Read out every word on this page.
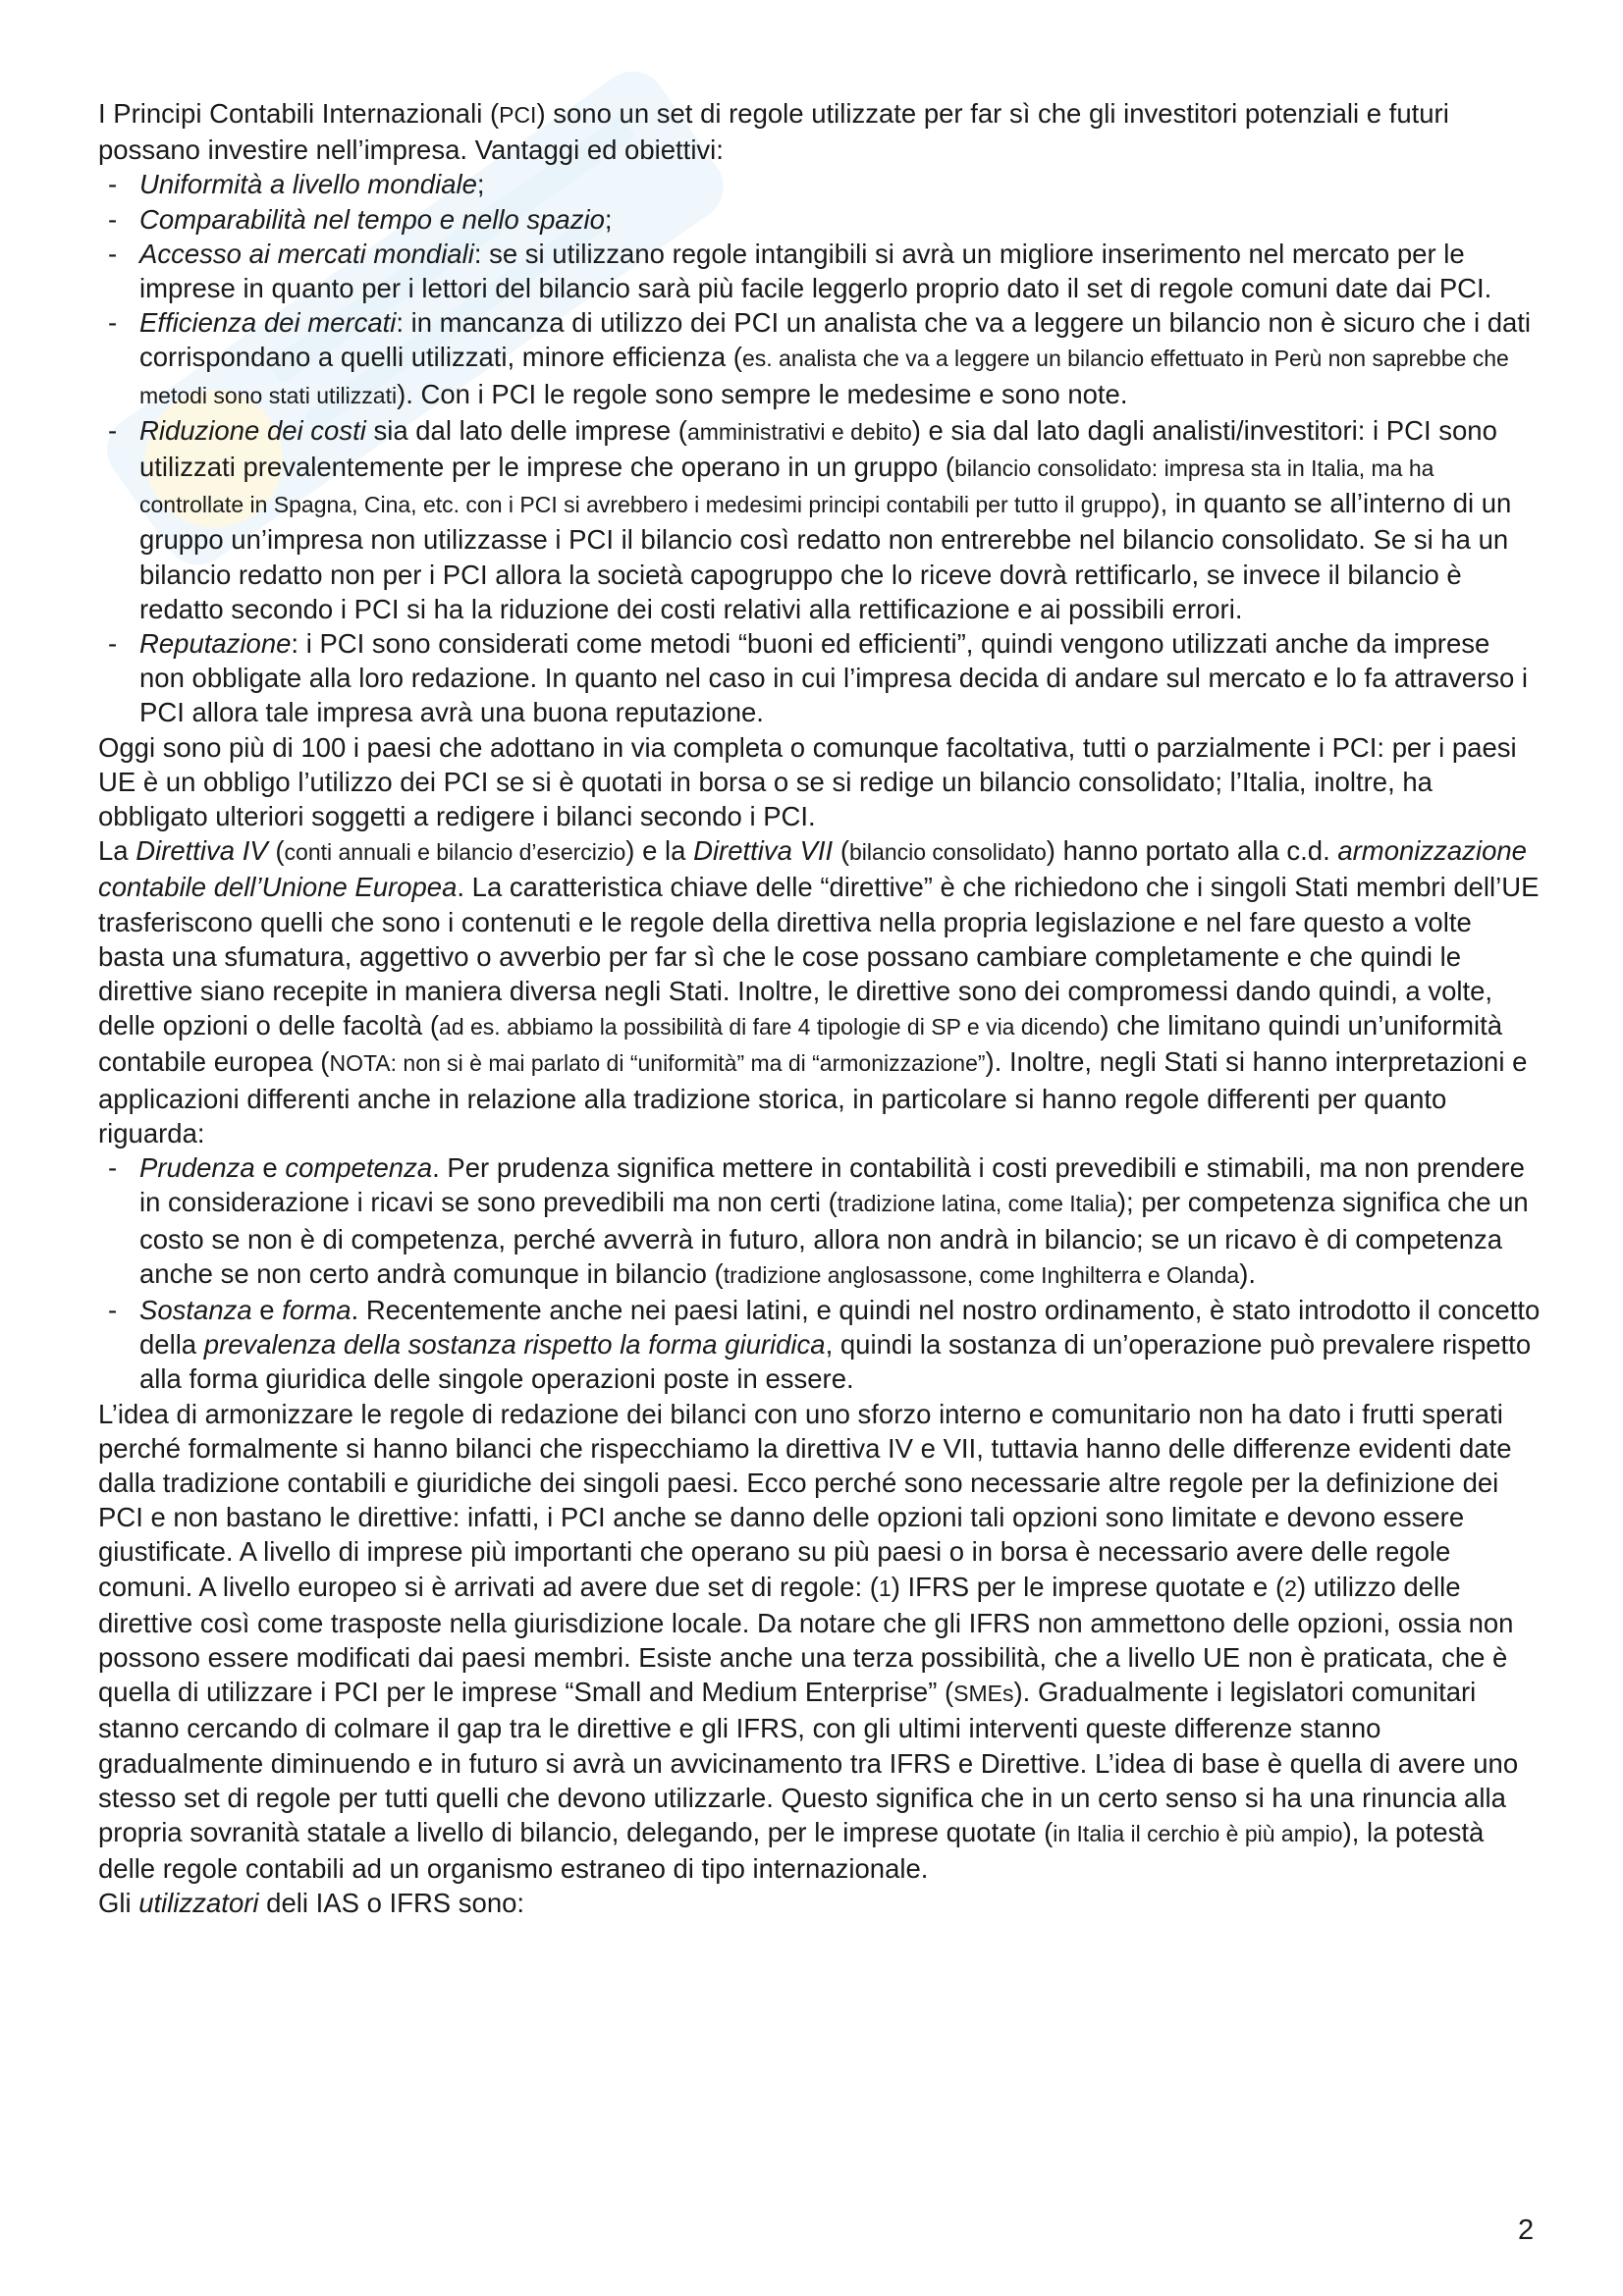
I Principi Contabili Internazionali (PCI) sono un set di regole utilizzate per far sì che gli investitori potenziali e futuri possano investire nell’impresa. Vantaggi ed obiettivi:

- Uniformità a livello mondiale;

- Comparabilità nel tempo e nello spazio;

- Accesso ai mercati mondiali: se si utilizzano regole intangibili si avrà un migliore inserimento nel mercato per le imprese in quanto per i lettori del bilancio sarà più facile leggerlo proprio dato il set di regole comuni date dai PCI.

- Efficienza dei mercati: in mancanza di utilizzo dei PCI un analista che va a leggere un bilancio non è sicuro che i dati corrispondano a quelli utilizzati, minore efficienza (es. analista che va a leggere un bilancio effettuato in Perù non saprebbe che metodi sono stati utilizzati). Con i PCI le regole sono sempre le medesime e sono note.

- Riduzione dei costi sia dal lato delle imprese (amministrativi e debito) e sia dal lato dagli analisti/investitori: i PCI sono utilizzati prevalentemente per le imprese che operano in un gruppo (bilancio consolidato: impresa sta in Italia, ma ha controllate in Spagna, Cina, etc. con i PCI si avrebbero i medesimi principi contabili per tutto il gruppo), in quanto se all’interno di un gruppo un’impresa non utilizzasse i PCI il bilancio così redatto non entrerebbe nel bilancio consolidato. Se si ha un bilancio redatto non per i PCI allora la società capogruppo che lo riceve dovrà rettificarlo, se invece il bilancio è redatto secondo i PCI si ha la riduzione dei costi relativi alla rettificazione e ai possibili errori.

- Reputazione: i PCI sono considerati come metodi “buoni ed efficienti”, quindi vengono utilizzati anche da imprese non obbligate alla loro redazione. In quanto nel caso in cui l’impresa decida di andare sul mercato e lo fa attraverso i PCI allora tale impresa avrà una buona reputazione.

Oggi sono più di 100 i paesi che adottano in via completa o comunque facoltativa, tutti o parzialmente i PCI: per i paesi UE è un obbligo l’utilizzo dei PCI se si è quotati in borsa o se si redige un bilancio consolidato; l’Italia, inoltre, ha obbligato ulteriori soggetti a redigere i bilanci secondo i PCI.

La Direttiva IV (conti annuali e bilancio d’esercizio) e la Direttiva VII (bilancio consolidato) hanno portato alla c.d. armonizzazione contabile dell’Unione Europea. La caratteristica chiave delle “direttive” è che richiedono che i singoli Stati membri dell’UE trasferiscono quelli che sono i contenuti e le regole della direttiva nella propria legislazione e nel fare questo a volte basta una sfumatura, aggettivo o avverbio per far sì che le cose possano cambiare completamente e che quindi le direttive siano recepite in maniera diversa negli Stati. Inoltre, le direttive sono dei compromessi dando quindi, a volte, delle opzioni o delle facoltà (ad es. abbiamo la possibilità di fare 4 tipologie di SP e via dicendo) che limitano quindi un’uniformità contabile europea (NOTA: non si è mai parlato di “uniformità” ma di “armonizzazione”). Inoltre, negli Stati si hanno interpretazioni e applicazioni differenti anche in relazione alla tradizione storica, in particolare si hanno regole differenti per quanto riguarda:

- Prudenza e competenza. Per prudenza significa mettere in contabilità i costi prevedibili e stimabili, ma non prendere in considerazione i ricavi se sono prevedibili ma non certi (tradizione latina, come Italia); per competenza significa che un costo se non è di competenza, perché avverrà in futuro, allora non andrà in bilancio; se un ricavo è di competenza anche se non certo andrà comunque in bilancio (tradizione anglosassone, come Inghilterra e Olanda).

- Sostanza e forma. Recentemente anche nei paesi latini, e quindi nel nostro ordinamento, è stato introdotto il concetto della prevalenza della sostanza rispetto la forma giuridica, quindi la sostanza di un’operazione può prevalere rispetto alla forma giuridica delle singole operazioni poste in essere.

L’idea di armonizzare le regole di redazione dei bilanci con uno sforzo interno e comunitario non ha dato i frutti sperati perché formalmente si hanno bilanci che rispecchiamo la direttiva IV e VII, tuttavia hanno delle differenze evidenti date dalla tradizione contabili e giuridiche dei singoli paesi. Ecco perché sono necessarie altre regole per la definizione dei PCI e non bastano le direttive: infatti, i PCI anche se danno delle opzioni tali opzioni sono limitate e devono essere giustificate. A livello di imprese più importanti che operano su più paesi o in borsa è necessario avere delle regole comuni. A livello europeo si è arrivati ad avere due set di regole: (1) IFRS per le imprese quotate e (2) utilizzo delle direttive così come trasposte nella giurisdizione locale. Da notare che gli IFRS non ammettono delle opzioni, ossia non possono essere modificati dai paesi membri. Esiste anche una terza possibilità, che a livello UE non è praticata, che è quella di utilizzare i PCI per le imprese “Small and Medium Enterprise” (SMEs). Gradualmente i legislatori comunitari stanno cercando di colmare il gap tra le direttive e gli IFRS, con gli ultimi interventi queste differenze stanno gradualmente diminuendo e in futuro si avrà un avvicinamento tra IFRS e Direttive. L’idea di base è quella di avere uno stesso set di regole per tutti quelli che devono utilizzarle. Questo significa che in un certo senso si ha una rinuncia alla propria sovranità statale a livello di bilancio, delegando, per le imprese quotate (in Italia il cerchio è più ampio), la potestà delle regole contabili ad un organismo estraneo di tipo internazionale.

Gli utilizzatori deli IAS o IFRS sono:

2
